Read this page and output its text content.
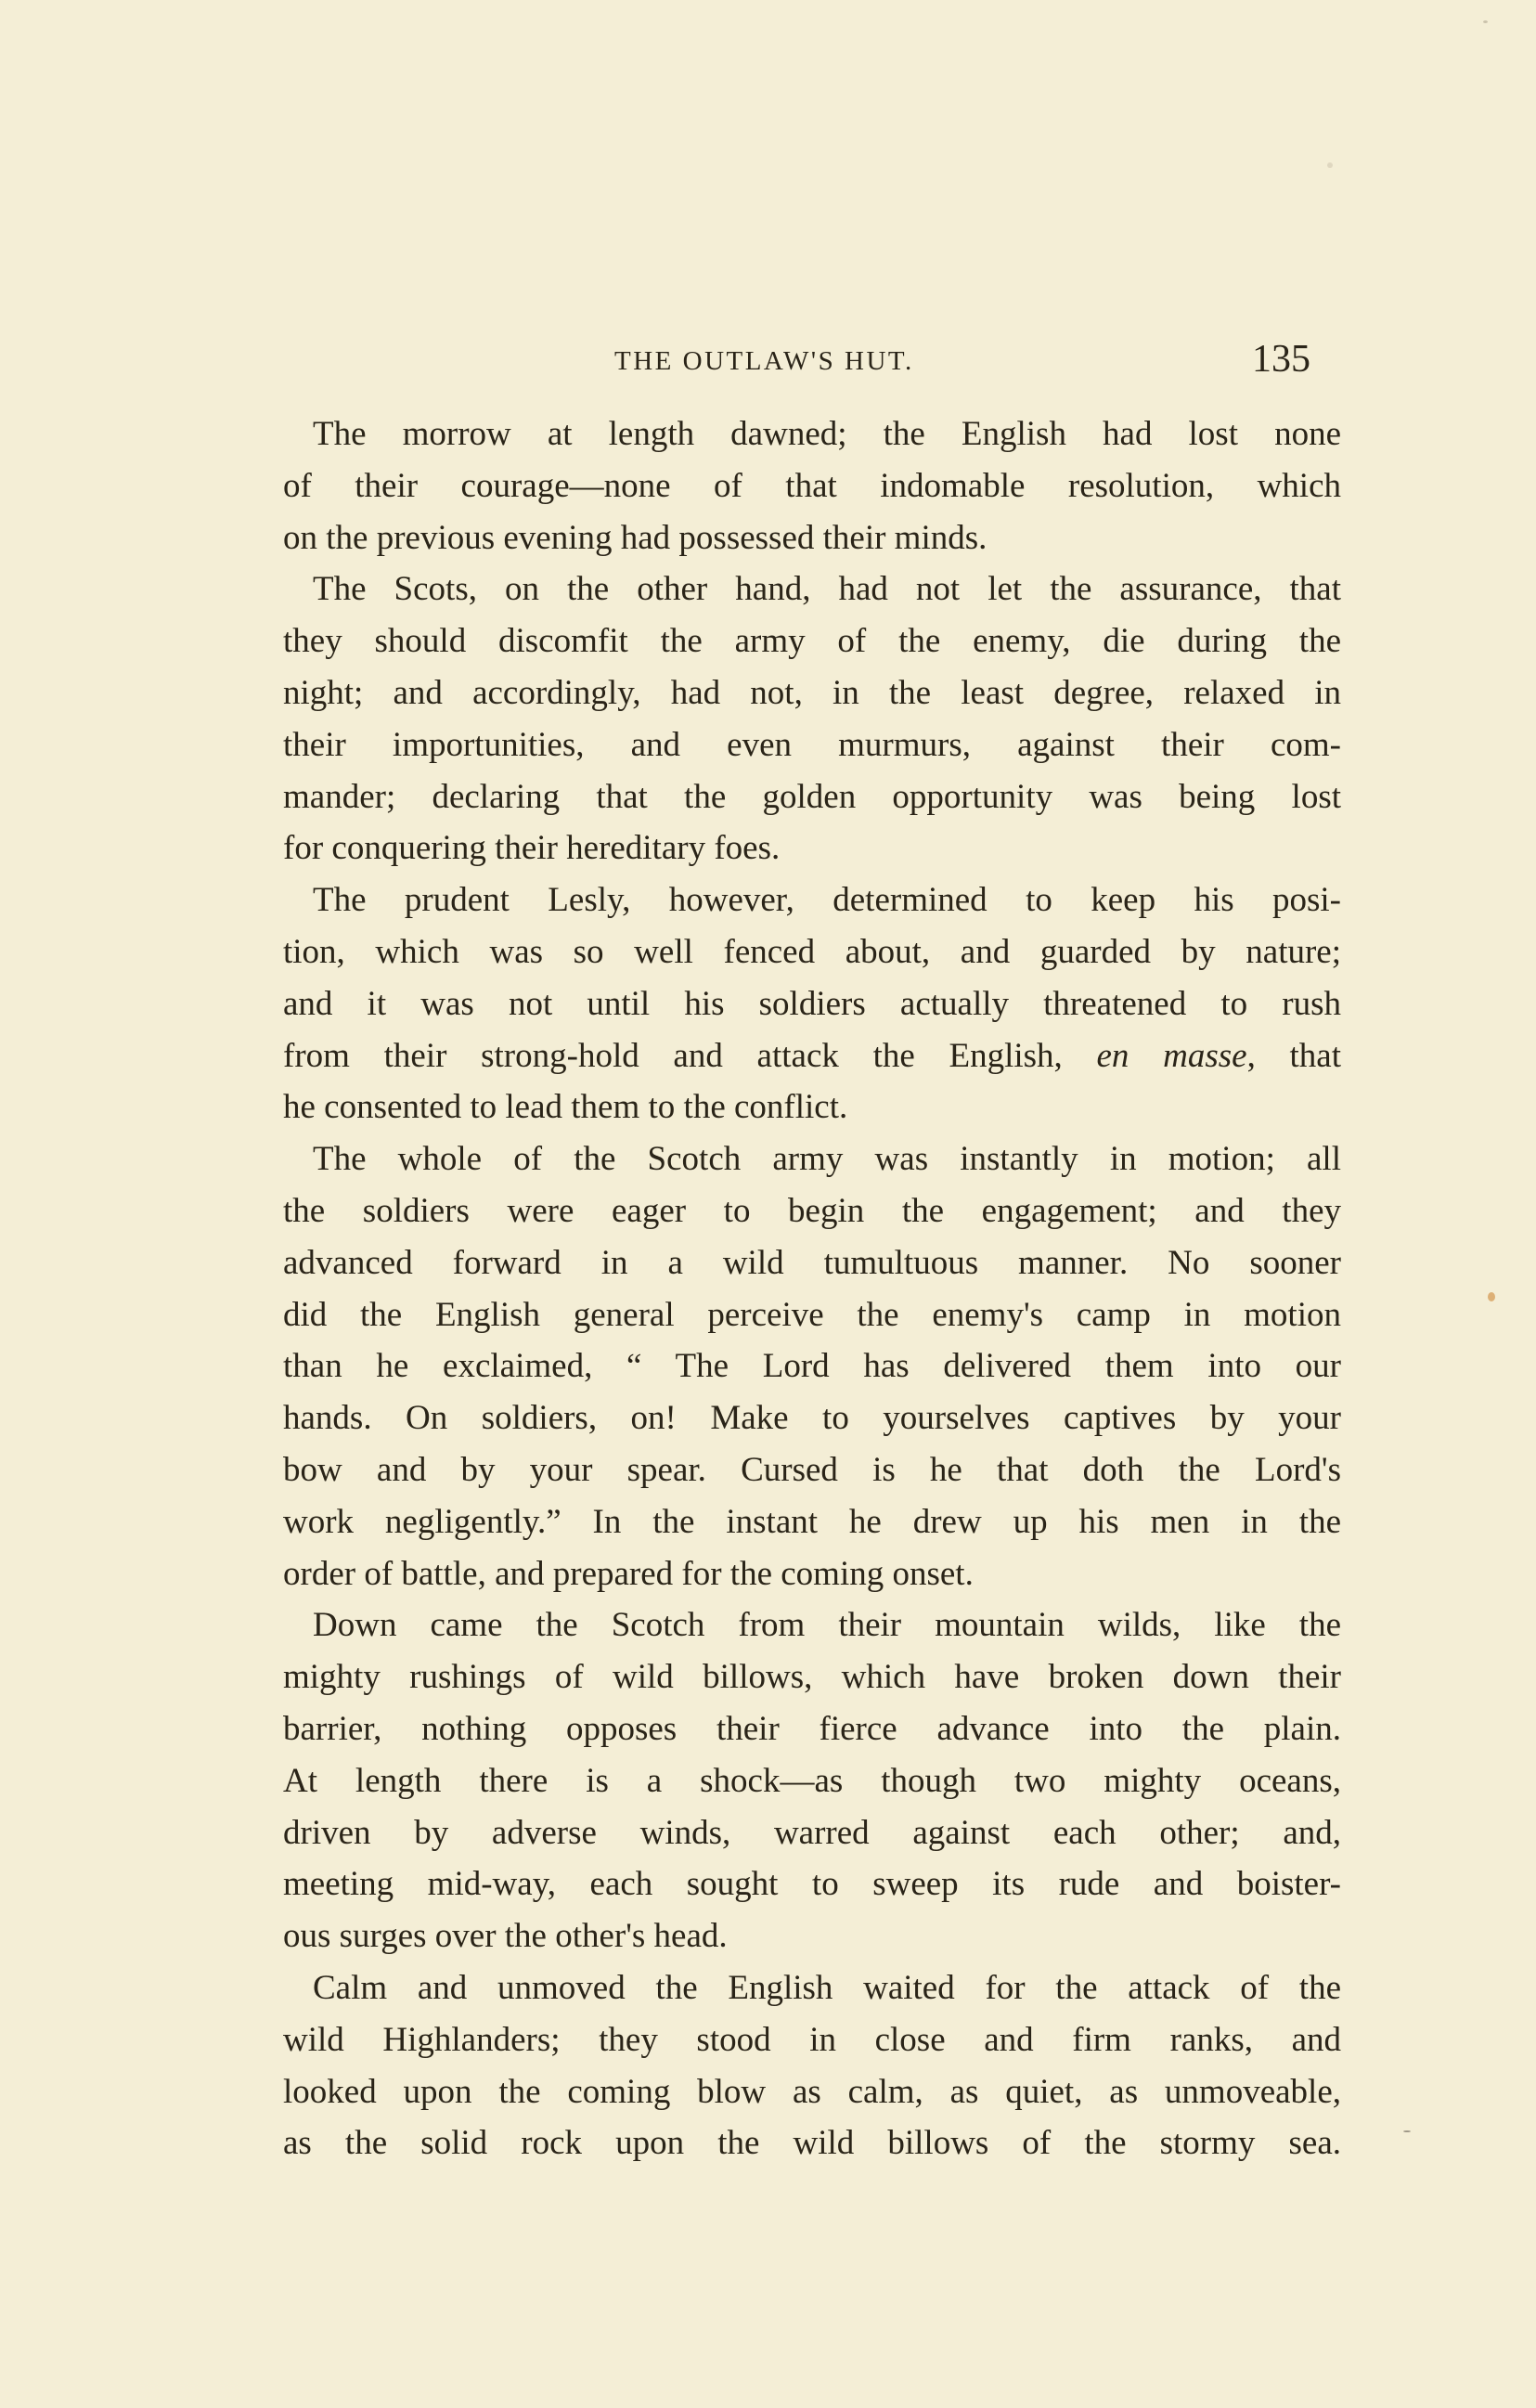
THE OUTLAW'S HUT.	135
The morrow at length dawned; the English had lost none
of their courage—none of that indomable resolution, which
on the previous evening had possessed their minds.
The Scots, on the other hand, had not let the assurance, that
they should discomfit the army of the enemy, die during the
night; and accordingly, had not, in the least degree, relaxed in
their importunities, and even murmurs, against their com-
mander; declaring that the golden opportunity was being lost
for conquering their hereditary foes.
The prudent Lesly, however, determined to keep his posi-
tion, which was so well fenced about, and guarded by nature;
and it was not until his soldiers actually threatened to rush
from their strong-hold and attack the English, en masse, that
he consented to lead them to the conflict.
The whole of the Scotch army was instantly in motion; all
the soldiers were eager to begin the engagement; and they
advanced forward in a wild tumultuous manner. No sooner
did the English general perceive the enemy's camp in motion
than he exclaimed, “ The Lord has delivered them into our
hands. On soldiers, on! Make to yourselves captives by your
bow and by your spear. Cursed is he that doth the Lord's
work negligently.” In the instant he drew up his men in the
order of battle, and prepared for the coming onset.
Down came the Scotch from their mountain wilds, like the
mighty rushings of wild billows, which have broken down their
barrier, nothing opposes their fierce advance into the plain.
At length there is a shock—as though two mighty oceans,
driven by adverse winds, warred against each other; and,
meeting mid-way, each sought to sweep its rude and boister-
ous surges over the other's head.
Calm and unmoved the English waited for the attack of the
wild Highlanders; they stood in close and firm ranks, and
looked upon the coming blow as calm, as quiet, as unmoveable,
as the solid rock upon the wild billows of the stormy sea.
